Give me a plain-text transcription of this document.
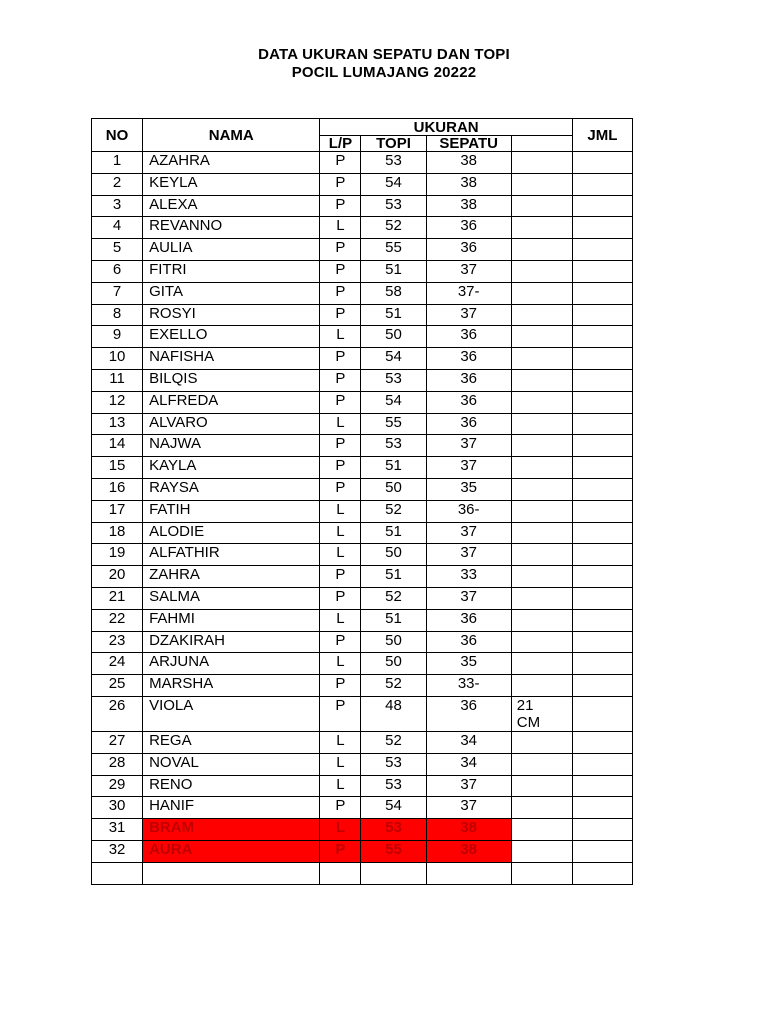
DATA UKURAN SEPATU DAN TOPI
POCIL LUMAJANG 20222
NO	NAMA	UKURAN				JML
		L/P	TOPI	SEPATU		
1	AZAHRA	P	53	38		
2	KEYLA	P	54	38		
3	ALEXA	P	53	38		
4	REVANNO	L	52	36		
5	AULIA	P	55	36		
6	FITRI	P	51	37		
7	GITA	P	58	37-		
8	ROSYI	P	51	37		
9	EXELLO	L	50	36		
10	NAFISHA	P	54	36		
11	BILQIS	P	53	36		
12	ALFREDA	P	54	36		
13	ALVARO	L	55	36		
14	NAJWA	P	53	37		
15	KAYLA	P	51	37		
16	RAYSA	P	50	35		
17	FATIH	L	52	36-		
18	ALODIE	L	51	37		
19	ALFATHIR	L	50	37		
20	ZAHRA	P	51	33		
21	SALMA	P	52	37		
22	FAHMI	L	51	36		
23	DZAKIRAH	P	50	36		
24	ARJUNA	L	50	35		
25	MARSHA	P	52	33-		
26	VIOLA	P	48	36	21 CM	
27	REGA	L	52	34		
28	NOVAL	L	53	34		
29	RENO	L	53	37		
30	HANIF	P	54	37		
31	BRAM	L	53	38		
32	AURA	P	55	38		
